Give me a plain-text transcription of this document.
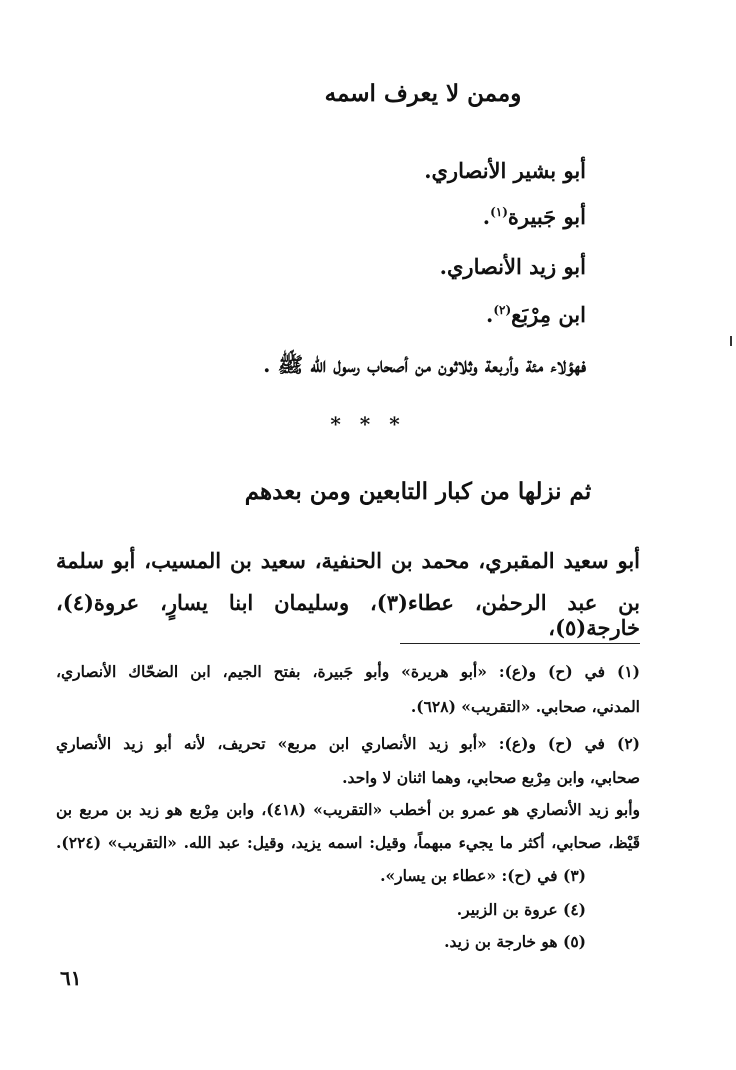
وممن لا يعرف اسمه
أبو بشير الأنصاري.
أبو جَبيرة$^{(١)}$.
أبو زيد الأنصاري.
ابن مِرْبَع$^{(٢)}$.
فهؤلاء مئة وأربعة وثلاثون من أصحاب رسول الله ﷺ .
* * *
ثم نزلها من كبار التابعين ومن بعدهم
أبو سعيد المقبري، محمد بن الحنفية، سعيد بن المسيب، أبو سلمة
بن عبد الرحمٰن، عطاء(٣)، وسليمان ابنا يسارٍ، عروة(٤)، خارجة(٥)،
(١) في (ح) و(ع): «أبو هريرة» وأبو جَبيرة، بفتح الجيم، ابن الضحّاك الأنصاري،
المدني، صحابي. «التقريب» (٦٢٨).
(٢) في (ح) و(ع): «أبو زيد الأنصاري ابن مربع» تحريف، لأنه أبو زيد الأنصاري
صحابي، وابن مِرْبع صحابي، وهما اثنان لا واحد.
وأبو زيد الأنصاري هو عمرو بن أخطب «التقريب» (٤١٨)، وابن مِرْبع هو زيد بن مربع بن
قَيْظ، صحابي، أكثر ما يجيء مبهماً، وقيل: اسمه يزيد، وقيل: عبد الله. «التقريب» (٢٢٤).
(٣) في (ح): «عطاء بن يسار».
(٤) عروة بن الزبير.
(٥) هو خارجة بن زيد.
٦١
